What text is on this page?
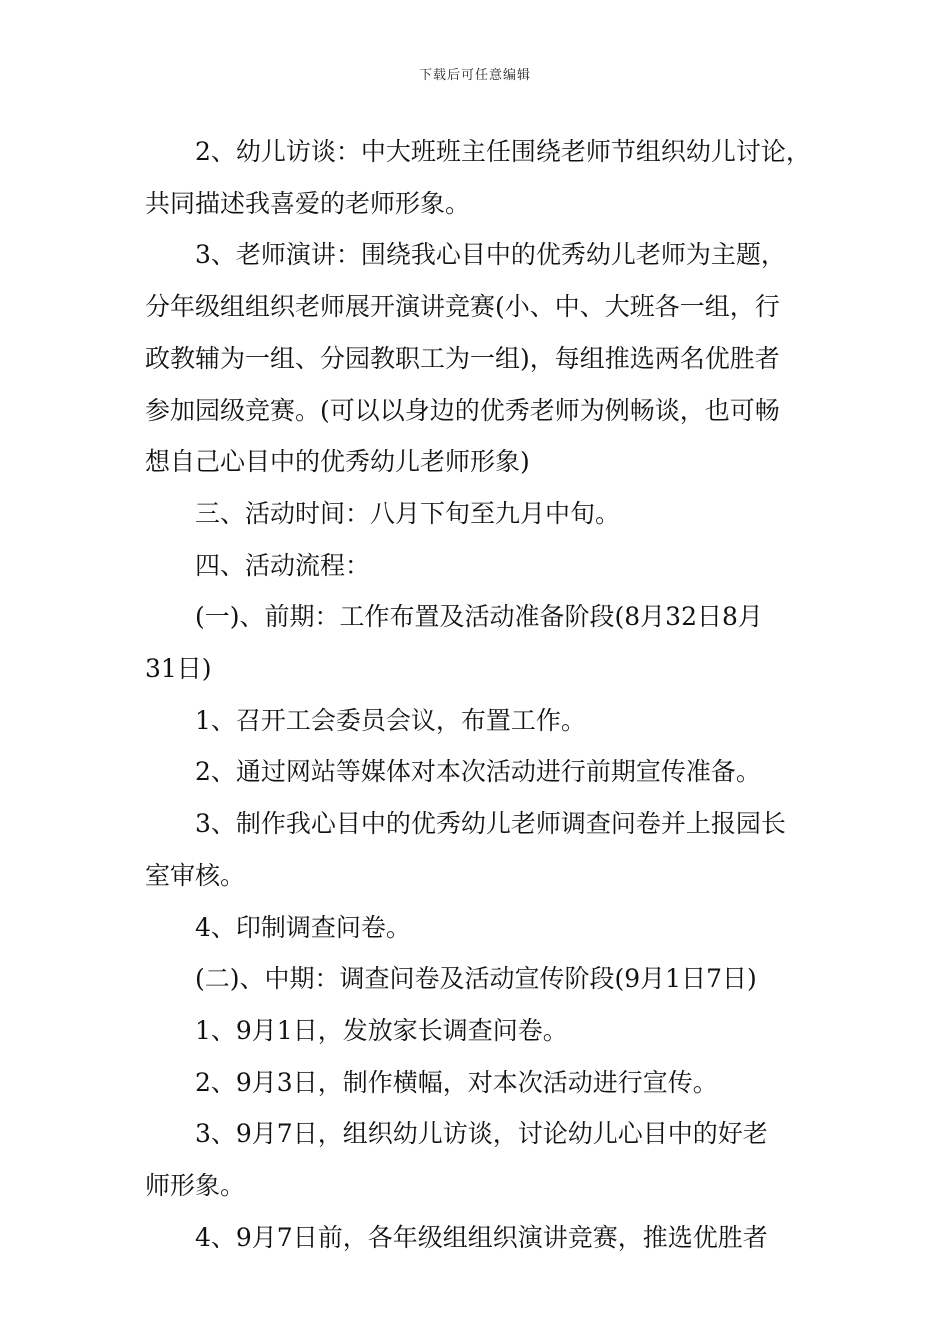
下载后可任意编辑

2、幼儿访谈：中大班班主任围绕老师节组织幼儿讨论，

共同描述我喜爱的老师形象。

3、老师演讲：围绕我心目中的优秀幼儿老师为主题，

分年级组组织老师展开演讲竞赛(小、中、大班各一组，行

政教辅为一组、分园教职工为一组)，每组推选两名优胜者

参加园级竞赛。(可以以身边的优秀老师为例畅谈，也可畅

想自己心目中的优秀幼儿老师形象)

三、活动时间：八月下旬至九月中旬。

四、活动流程：

(一)、前期：工作布置及活动准备阶段(8月32日8月

31日)

1、召开工会委员会议，布置工作。

2、通过网站等媒体对本次活动进行前期宣传准备。

3、制作我心目中的优秀幼儿老师调查问卷并上报园长

室审核。

4、印制调查问卷。

(二)、中期：调查问卷及活动宣传阶段(9月1日7日)

1、9月1日，发放家长调查问卷。

2、9月3日，制作横幅，对本次活动进行宣传。

3、9月7日，组织幼儿访谈，讨论幼儿心目中的好老

师形象。

4、9月7日前，各年级组组织演讲竞赛，推选优胜者
